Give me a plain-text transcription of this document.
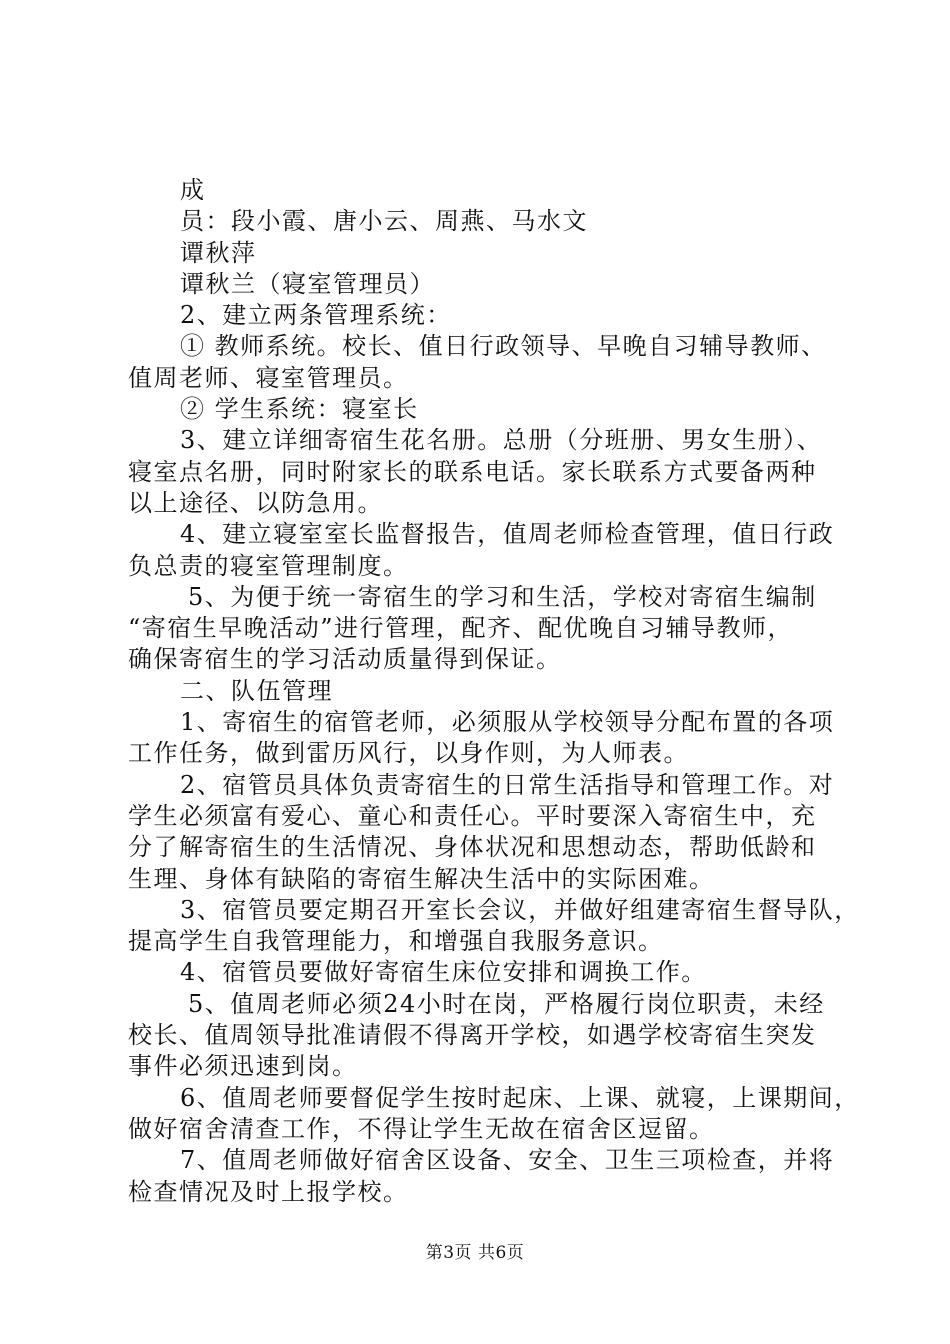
成
员：段小霞、唐小云、周燕、马水文
谭秋萍
谭秋兰（寝室管理员）
2、建立两条管理系统：
① 教师系统。校长、值日行政领导、早晚自习辅导教师、
值周老师、寝室管理员。
② 学生系统：寝室长
3、建立详细寄宿生花名册。总册（分班册、男女生册）、
寝室点名册，同时附家长的联系电话。家长联系方式要备两种
以上途径、以防急用。
4、建立寝室室长监督报告，值周老师检查管理，值日行政
负总责的寝室管理制度。
5、为便于统一寄宿生的学习和生活，学校对寄宿生编制
“寄宿生早晚活动”进行管理，配齐、配优晚自习辅导教师，
确保寄宿生的学习活动质量得到保证。
二、队伍管理
1、寄宿生的宿管老师，必须服从学校领导分配布置的各项
工作任务，做到雷历风行，以身作则，为人师表。
2、宿管员具体负责寄宿生的日常生活指导和管理工作。对
学生必须富有爱心、童心和责任心。平时要深入寄宿生中，充
分了解寄宿生的生活情况、身体状况和思想动态，帮助低龄和
生理、身体有缺陷的寄宿生解决生活中的实际困难。
3、宿管员要定期召开室长会议，并做好组建寄宿生督导队，
提高学生自我管理能力，和增强自我服务意识。
4、宿管员要做好寄宿生床位安排和调换工作。
5、值周老师必须24小时在岗，严格履行岗位职责，未经
校长、值周领导批准请假不得离开学校，如遇学校寄宿生突发
事件必须迅速到岗。
6、值周老师要督促学生按时起床、上课、就寝，上课期间，
做好宿舍清查工作，不得让学生无故在宿舍区逗留。
7、值周老师做好宿舍区设备、安全、卫生三项检查，并将
检查情况及时上报学校。
第3页 共6页
